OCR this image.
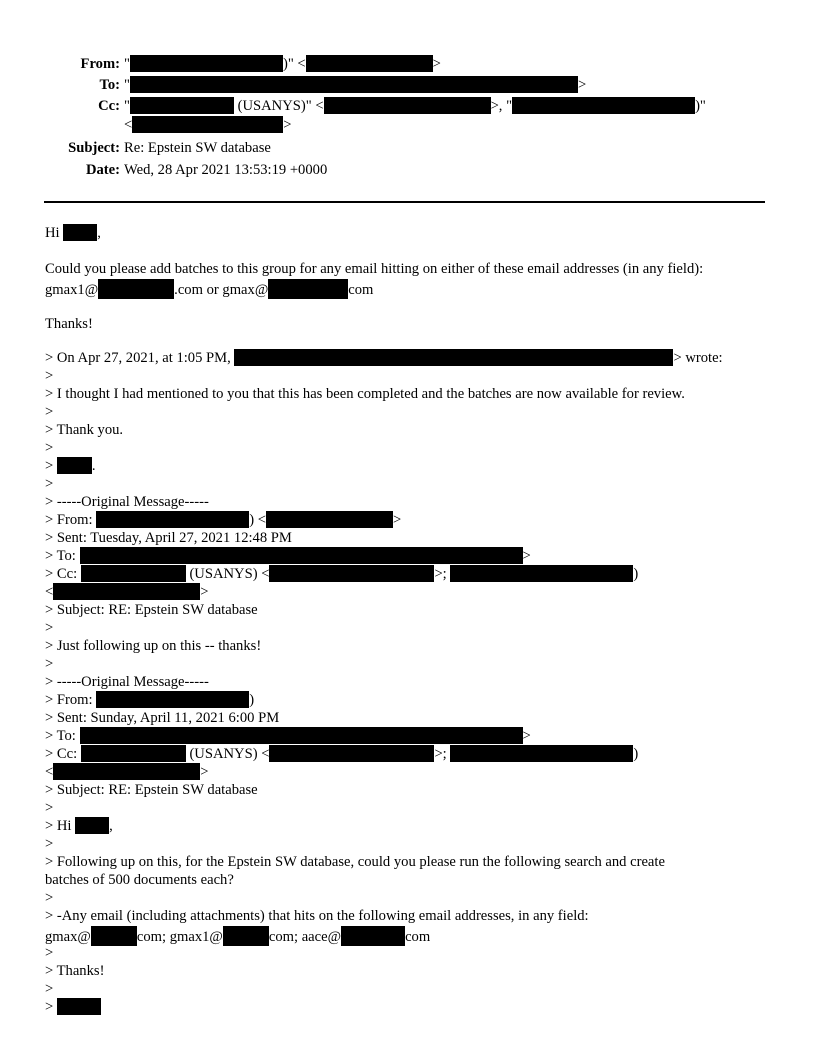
From: "	)" <	>
To: "	>
Cc: "	(USANYS)" <	>, "	)"
<	>
Subject: Re: Epstein SW database
Date: Wed, 28 Apr 2021 13:53:19 +0000
Hi ,
Could you please add batches to this group for any email hitting on either of these email addresses (in any field):
gmax1@	.com or gmax@	com
Thanks!
> On Apr 27, 2021, at 1:05 PM,	> wrote:
>
> I thought I had mentioned to you that this has been completed and the batches are now available for review.
>
> Thank you.
>
> .
>
> -----Original Message-----
> From:	) <	>
> Sent: Tuesday, April 27, 2021 12:48 PM
> To:	>
> Cc:	(USANYS) <	>;	)
<	>
> Subject: RE: Epstein SW database
>
> Just following up on this -- thanks!
>
> -----Original Message-----
> From:	)
> Sent: Sunday, April 11, 2021 6:00 PM
> To:	>
> Cc:	(USANYS) <	>;	)
<	>
> Subject: RE: Epstein SW database
>
> Hi ,
>
> Following up on this, for the Epstein SW database, could you please run the following search and create
batches of 500 documents each?
>
> -Any email (including attachments) that hits on the following email addresses, in any field:
gmax@	com; gmax1@	com; aace@	com
>
> Thanks!
>
>
